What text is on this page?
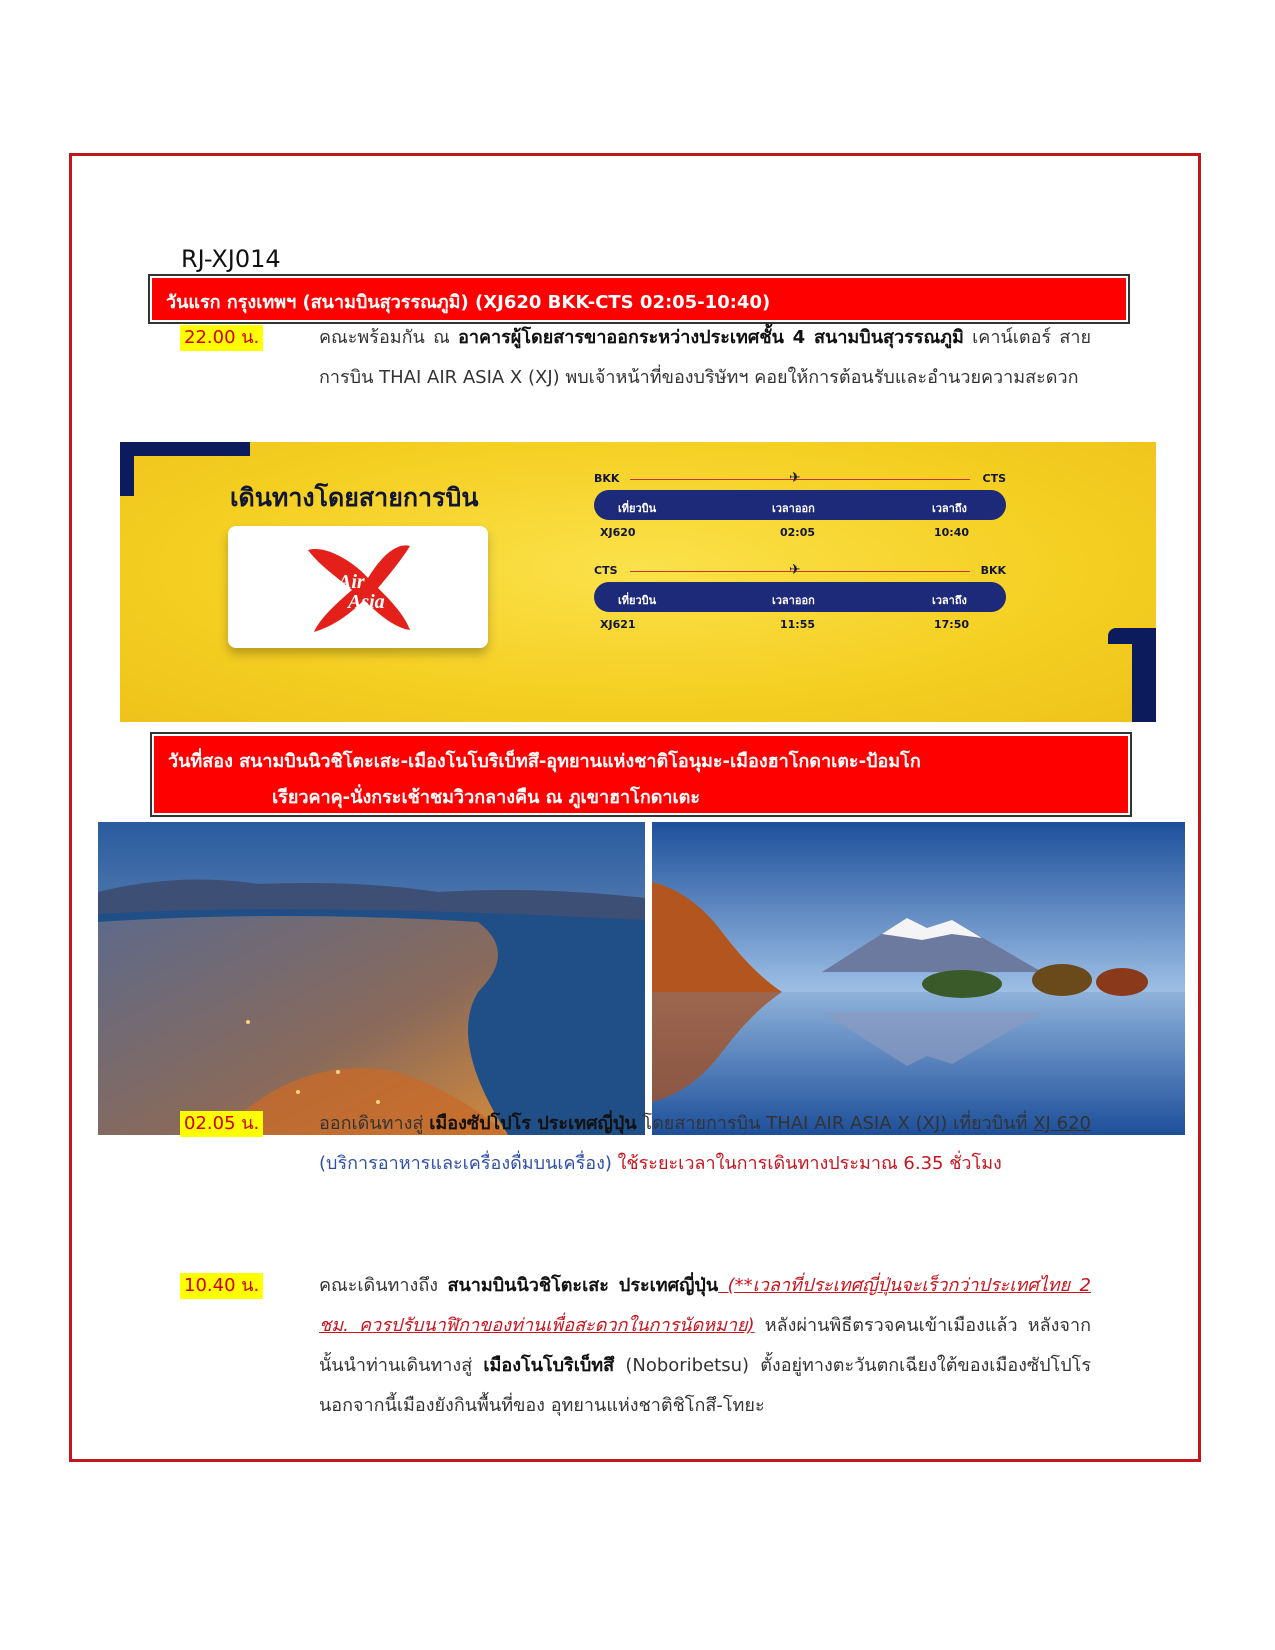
RJ-XJ014
วันแรก กรุงเทพฯ (สนามบินสุวรรณภูมิ) (XJ620 BKK-CTS 02:05-10:40)
22.00 น.	คณะพร้อมกัน ณ อาคารผู้โดยสารขาออกระหว่างประเทศชั้น 4 สนามบินสุวรรณภูมิ เคาน์เตอร์ สายการบิน THAI AIR ASIA X (XJ) พบเจ้าหน้าที่ของบริษัทฯ คอยให้การต้อนรับและอำนวยความสะดวก
เดินทางโดยสายการบิน
Air
Asia
BKK	✈	CTS
เที่ยวบิน	เวลาออก	เวลาถึง
XJ620	02:05	10:40
CTS	✈	BKK
เที่ยวบิน	เวลาออก	เวลาถึง
XJ621	11:55	17:50
วันที่สอง สนามบินนิวชิโตะเสะ-เมืองโนโบริเบ็ทสึ-อุทยานแห่งชาติโอนุมะ-เมืองฮาโกดาเตะ-ป้อมโก
เรียวคาคุ-นั่งกระเช้าชมวิวกลางคืน ณ ภูเขาฮาโกดาเตะ
02.05 น.	ออกเดินทางสู่ เมืองซัปโปโร ประเทศญี่ปุ่น โดยสายการบิน THAI AIR ASIA X (XJ) เที่ยวบินที่ XJ 620 (บริการอาหารและเครื่องดื่มบนเครื่อง) ใช้ระยะเวลาในการเดินทางประมาณ 6.35 ชั่วโมง
10.40 น.	คณะเดินทางถึง สนามบินนิวชิโตะเสะ ประเทศญี่ปุ่น (**เวลาที่ประเทศญี่ปุ่นจะเร็วกว่าประเทศไทย 2 ชม. ควรปรับนาฬิกาของท่านเพื่อสะดวกในการนัดหมาย) หลังผ่านพิธีตรวจคนเข้าเมืองแล้ว หลังจากนั้นนำท่านเดินทางสู่ เมืองโนโบริเบ็ทสึ (Noboribetsu) ตั้งอยู่ทางตะวันตกเฉียงใต้ของเมืองซัปโปโร นอกจากนี้เมืองยังกินพื้นที่ของ อุทยานแห่งชาติชิโกสึ-โทยะ
